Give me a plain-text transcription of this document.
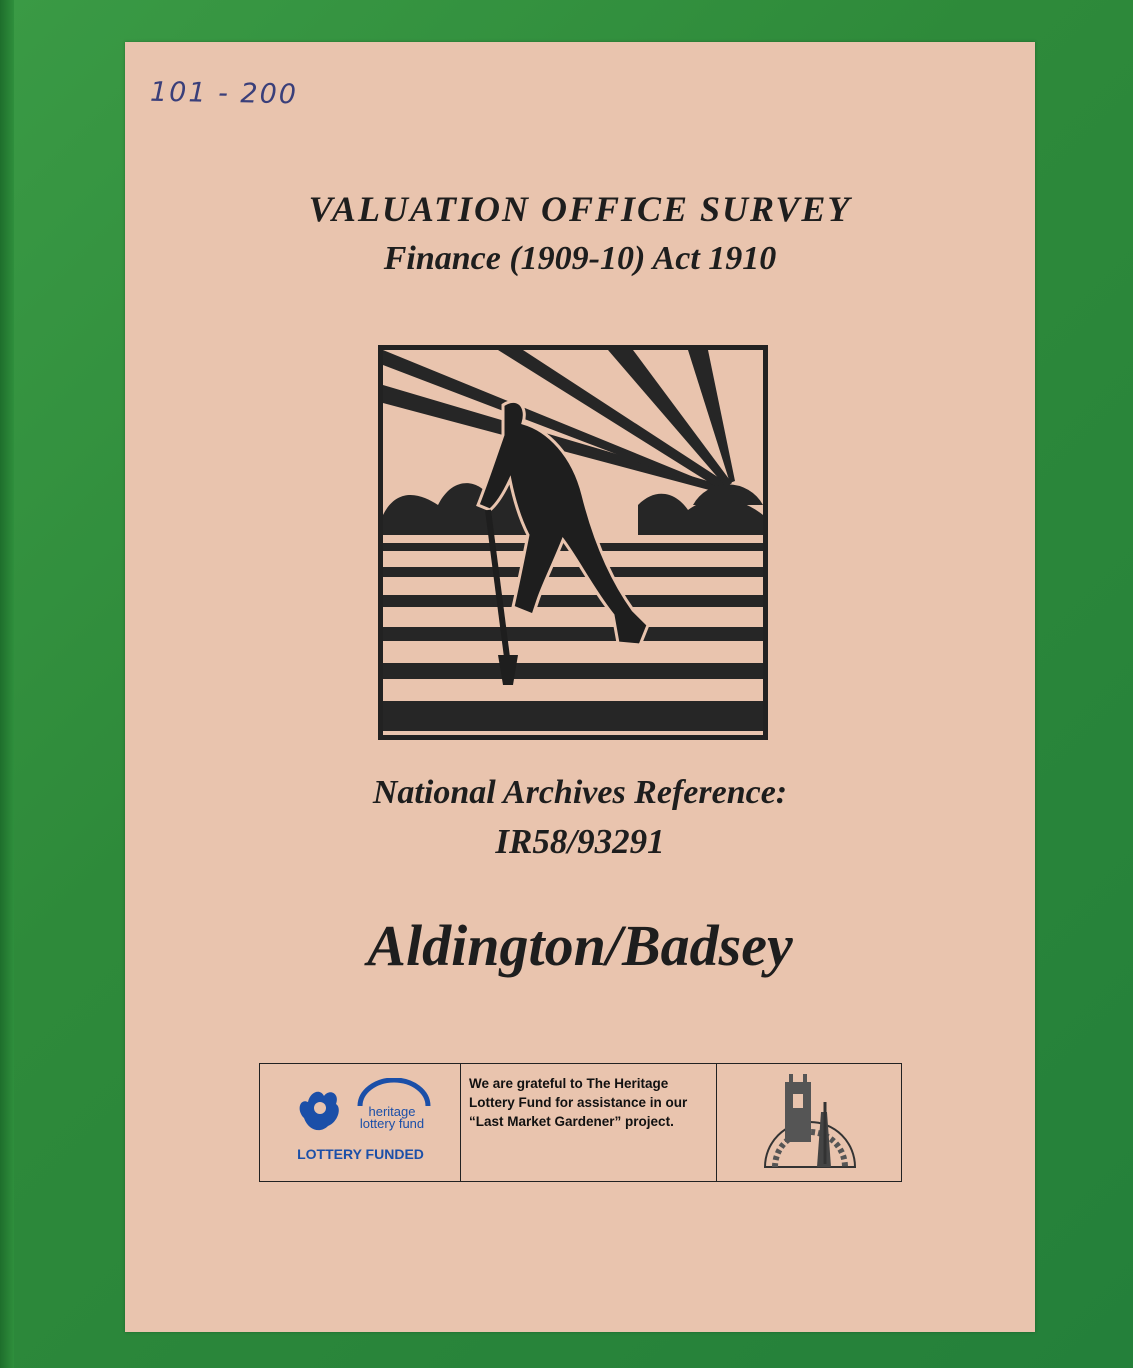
101 - 200
VALUATION OFFICE SURVEY
Finance (1909-10) Act 1910
National Archives Reference:
IR58/93291
Aldington/Badsey
heritage
lottery fund
LOTTERY FUNDED
We are grateful to The Heritage Lottery Fund for assistance in our “Last Market Gardener” project.
